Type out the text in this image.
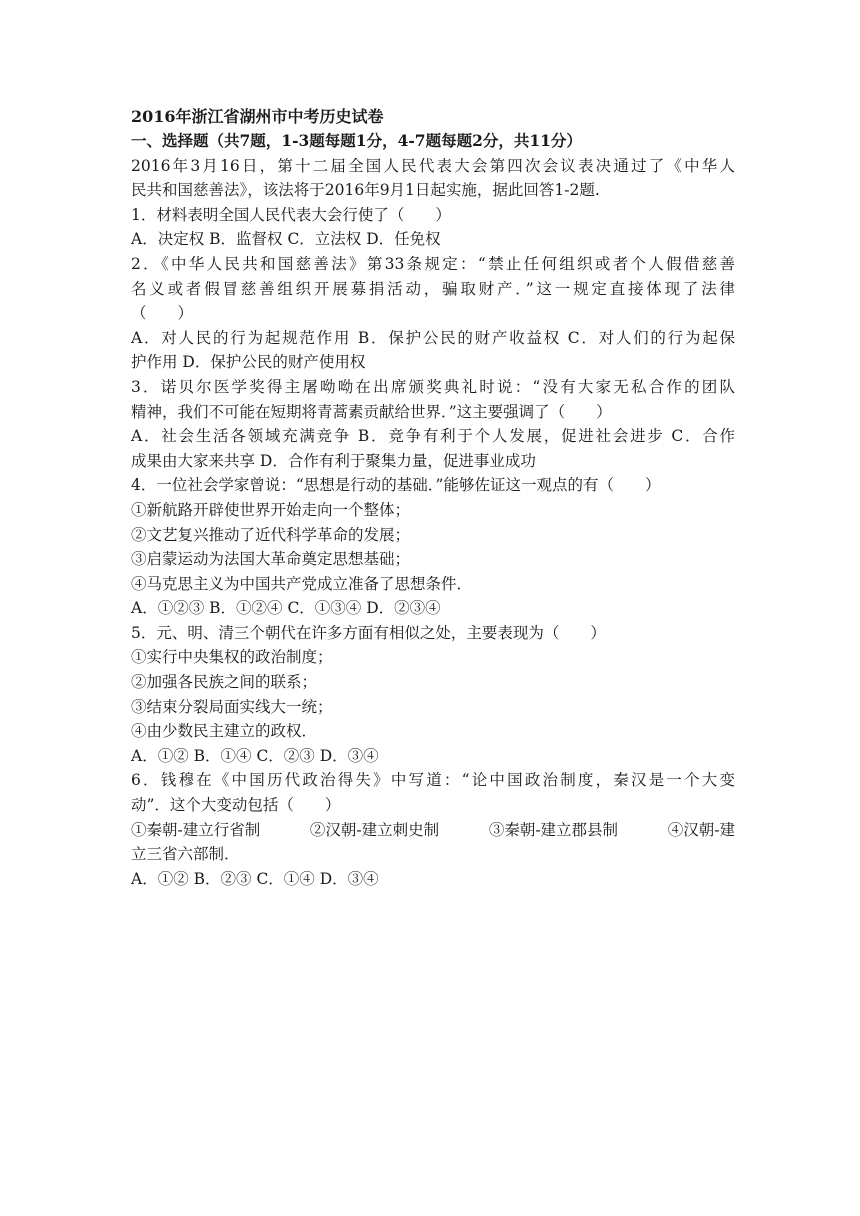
2016年浙江省湖州市中考历史试卷
一、选择题（共7题，1-3题每题1分，4-7题每题2分，共11分）
2016年3月16日，第十二届全国人民代表大会第四次会议表决通过了《中华人
民共和国慈善法》，该法将于2016年9月1日起实施，据此回答1-2题.
1．材料表明全国人民代表大会行使了（　　）
A．决定权 B．监督权 C．立法权 D．任免权
2．《中华人民共和国慈善法》第33条规定：“禁止任何组织或者个人假借慈善
名义或者假冒慈善组织开展募捐活动，骗取财产．”这一规定直接体现了法律
（　　）
A．对人民的行为起规范作用 B．保护公民的财产收益权 C．对人们的行为起保
护作用 D．保护公民的财产使用权
3．诺贝尔医学奖得主屠呦呦在出席颁奖典礼时说：“没有大家无私合作的团队
精神，我们不可能在短期将青蒿素贡献给世界．”这主要强调了（　　）
A．社会生活各领域充满竞争 B．竞争有利于个人发展，促进社会进步 C．合作
成果由大家来共享 D．合作有利于聚集力量，促进事业成功
4．一位社会学家曾说：“思想是行动的基础．”能够佐证这一观点的有（　　）
①新航路开辟使世界开始走向一个整体；
②文艺复兴推动了近代科学革命的发展；
③启蒙运动为法国大革命奠定思想基础；
④马克思主义为中国共产党成立准备了思想条件．
A．①②③ B．①②④ C．①③④ D．②③④
5．元、明、清三个朝代在许多方面有相似之处，主要表现为（　　）
①实行中央集权的政治制度；
②加强各民族之间的联系；
③结束分裂局面实线大一统；
④由少数民主建立的政权．
A．①② B．①④ C．②③ D．③④
6．钱穆在《中国历代政治得失》中写道：“论中国政治制度，秦汉是一个大变
动”．这个大变动包括（　　）
①秦朝-建立行省制	②汉朝-建立刺史制	③秦朝-建立郡县制	④汉朝-建
立三省六部制．
A．①② B．②③ C．①④ D．③④
